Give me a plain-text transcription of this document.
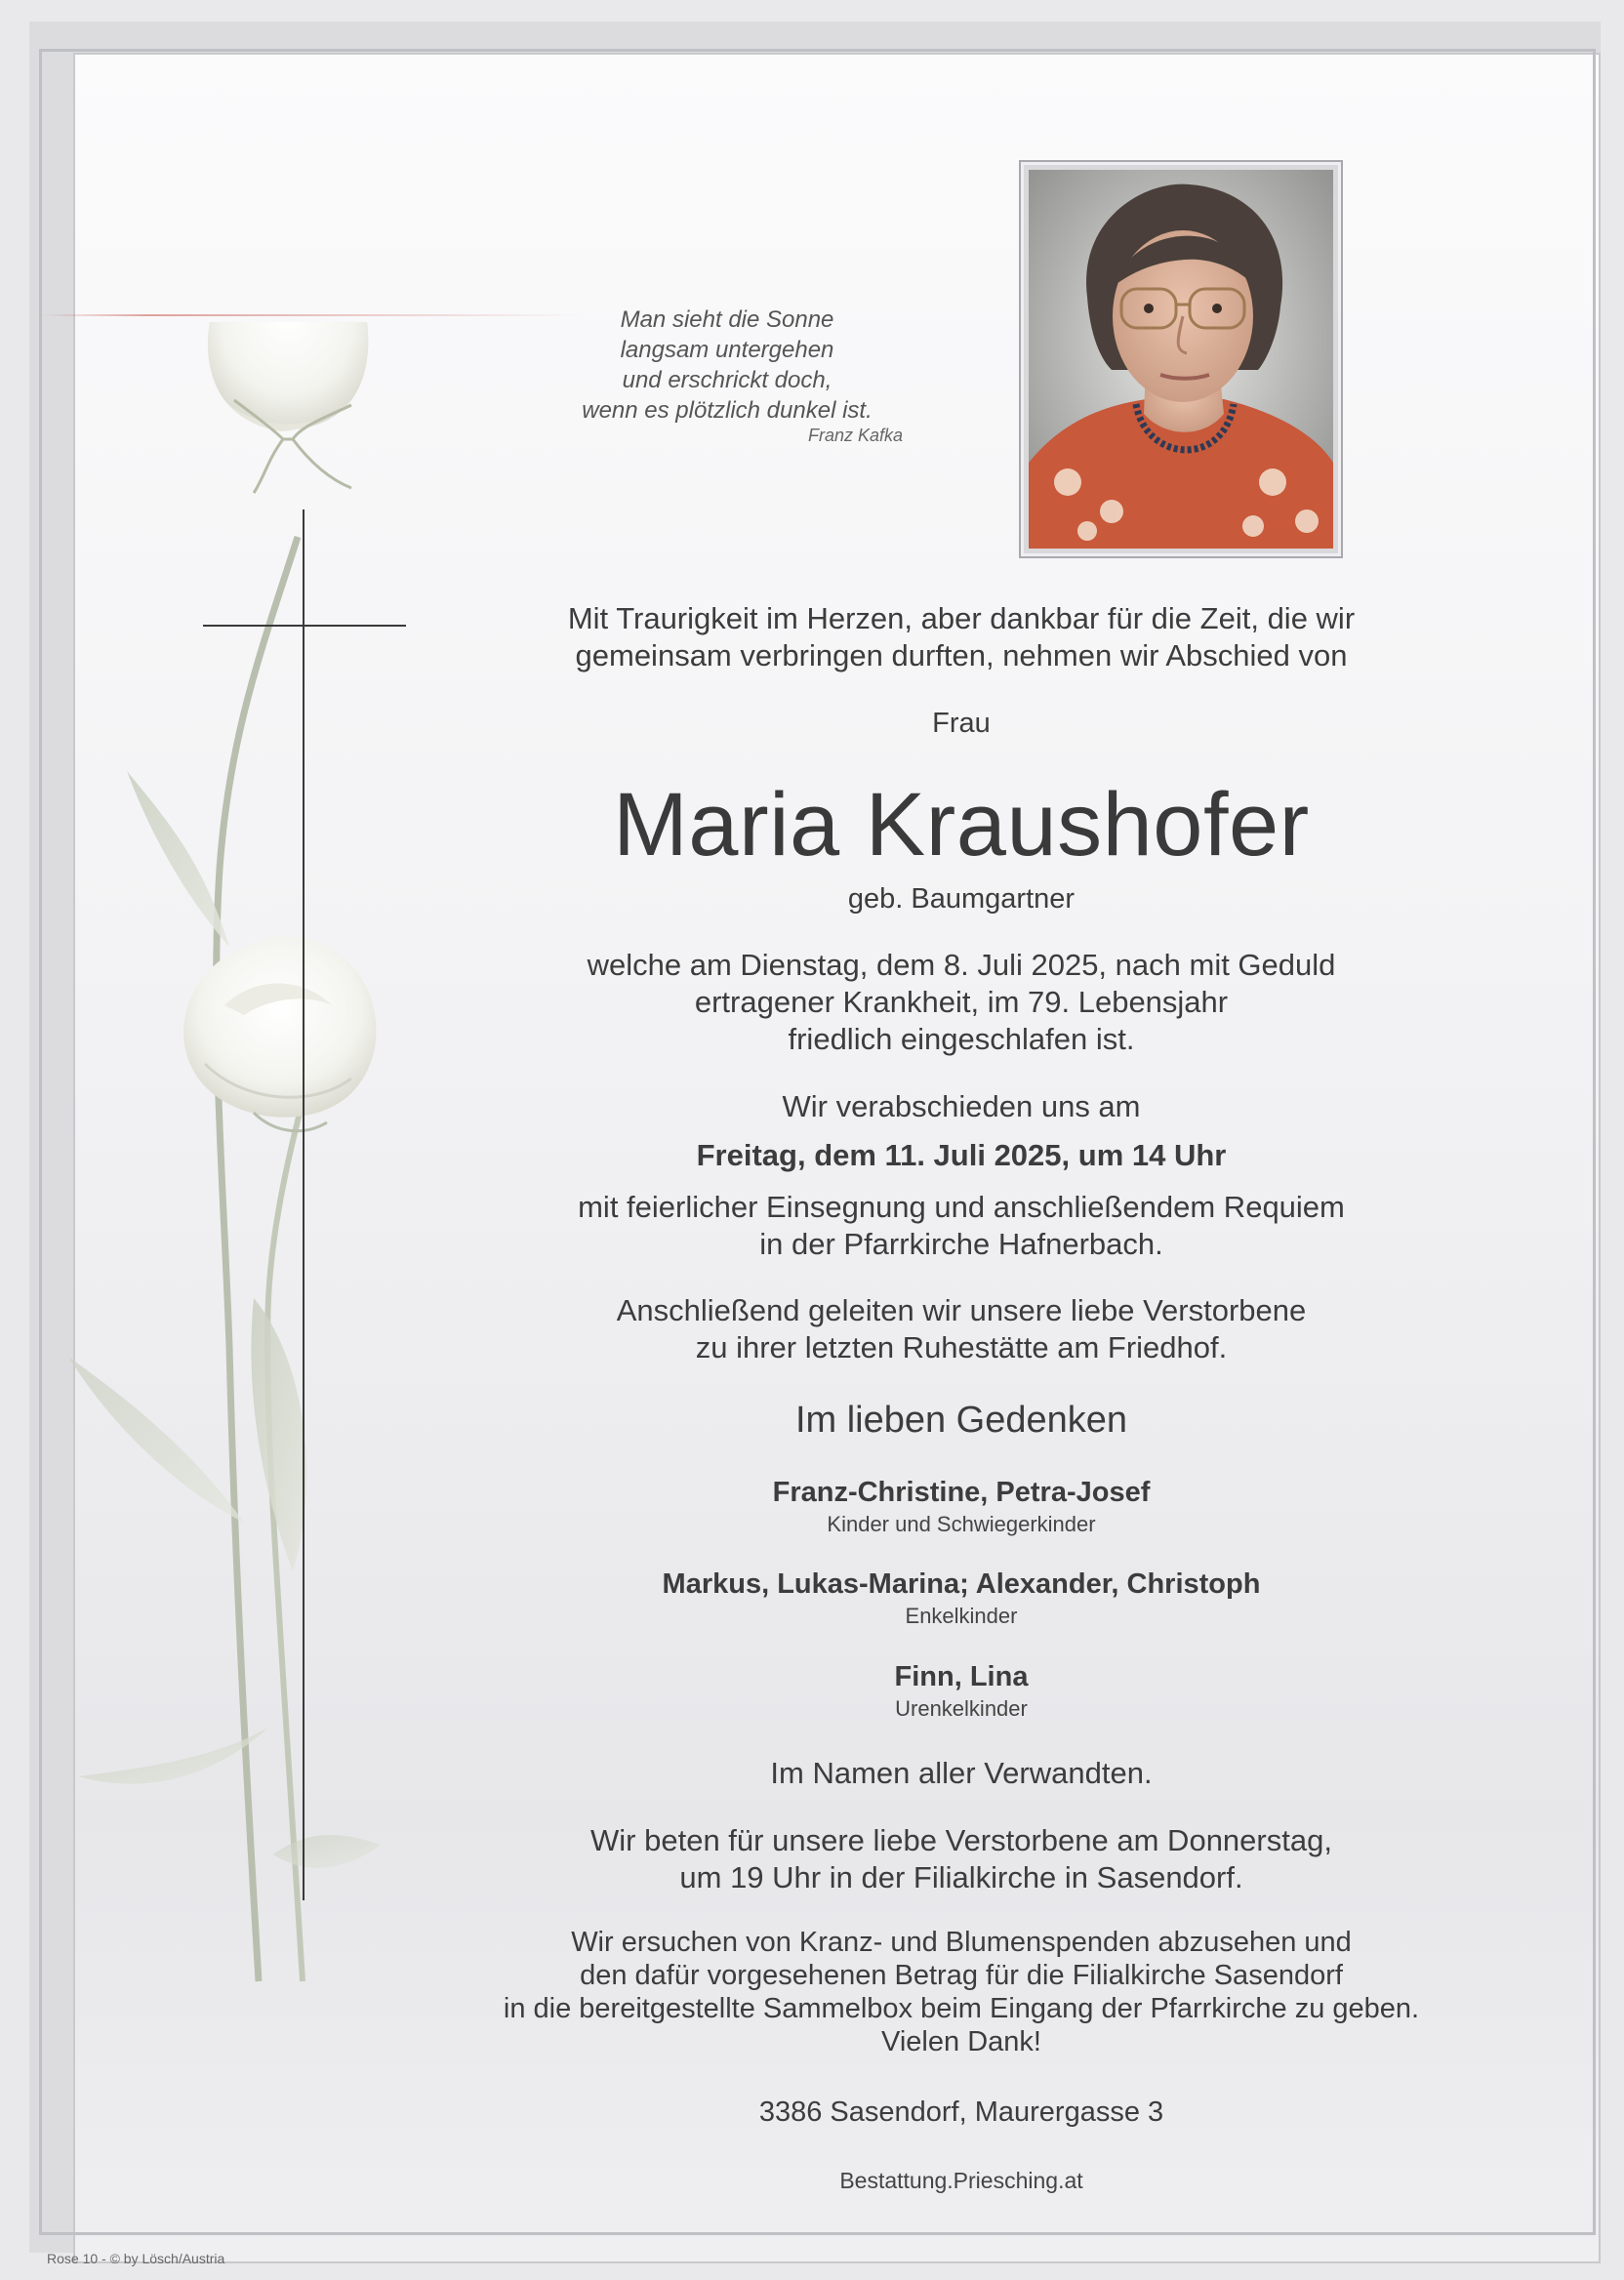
Man sieht die Sonne
langsam untergehen
und erschrickt doch,
wenn es plötzlich dunkel ist.
Franz Kafka
Mit Traurigkeit im Herzen, aber dankbar für die Zeit, die wir
gemeinsam verbringen durften, nehmen wir Abschied von
Frau
Maria Kraushofer
geb. Baumgartner
welche am Dienstag, dem 8. Juli 2025, nach mit Geduld
ertragener Krankheit, im 79. Lebensjahr
friedlich eingeschlafen ist.
Wir verabschieden uns am
Freitag, dem 11. Juli 2025, um 14 Uhr
mit feierlicher Einsegnung und anschließendem Requiem
in der Pfarrkirche Hafnerbach.
Anschließend geleiten wir unsere liebe Verstorbene
zu ihrer letzten Ruhestätte am Friedhof.
Im lieben Gedenken
Franz-Christine, Petra-Josef
Kinder und Schwiegerkinder
Markus, Lukas-Marina; Alexander, Christoph
Enkelkinder
Finn, Lina
Urenkelkinder
Im Namen aller Verwandten.
Wir beten für unsere liebe Verstorbene am Donnerstag,
um 19 Uhr in der Filialkirche in Sasendorf.
Wir ersuchen von Kranz- und Blumenspenden abzusehen und
den dafür vorgesehenen Betrag für die Filialkirche Sasendorf
in die bereitgestellte Sammelbox beim Eingang der Pfarrkirche zu geben.
Vielen Dank!
3386 Sasendorf, Maurergasse 3
Bestattung.Priesching.at
Rose 10 - © by Lösch/Austria
